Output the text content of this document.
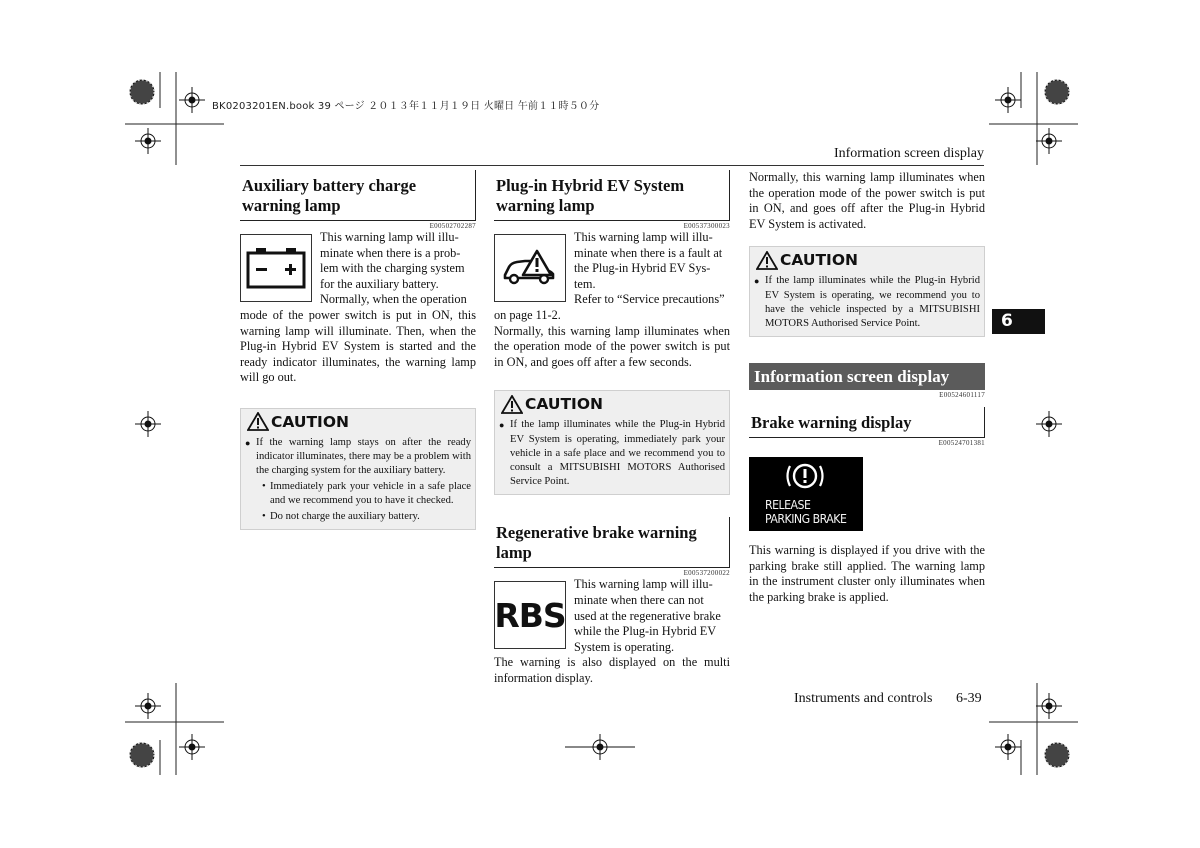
BK0203201EN.book 39 ページ ２０１３年１１月１９日 火曜日 午前１１時５０分
Information screen display
6
Auxiliary battery charge warning lamp
E00502702287
This warning lamp will illu-
minate when there is a prob-
lem with the charging system
for the auxiliary battery.
Normally, when the operation
mode of the power switch is put in ON, this warning lamp will illuminate. Then, when the Plug-in Hybrid EV System is started and the ready indicator illuminates, the warning lamp will go out.
CAUTION
● If the warning lamp stays on after the ready indicator illuminates, there may be a problem with the charging system for the auxiliary battery.
• Immediately park your vehicle in a safe place and we recommend you to have it checked.
• Do not charge the auxiliary battery.
Plug-in Hybrid EV System warning lamp
E00537300023
This warning lamp will illu-
minate when there is a fault at
the Plug-in Hybrid EV Sys-
tem.
Refer to “Service precautions”
on page 11-2.
Normally, this warning lamp illuminates when the operation mode of the power switch is put in ON, and goes off after a few seconds.
CAUTION
● If the lamp illuminates while the Plug-in Hybrid EV System is operating, immediately park your vehicle in a safe place and we recommend you to consult a MITSUBISHI MOTORS Authorised Service Point.
Regenerative brake warning lamp
E00537200022
RBS
This warning lamp will illu-
minate when there can not
used at the regenerative brake
while the Plug-in Hybrid EV
System is operating.
The warning is also displayed on the multi information display.
Normally, this warning lamp illuminates when the operation mode of the power switch is put in ON, and goes off after the Plug-in Hybrid EV System is activated.
CAUTION
● If the lamp illuminates while the Plug-in Hybrid EV System is operating, we recommend you to have the vehicle inspected by a MITSUBISHI MOTORS Authorised Service Point.
Information screen display
E00524601117
Brake warning display
E00524701381
RELEASE
PARKING BRAKE
This warning is displayed if you drive with the parking brake still applied. The warning lamp in the instrument cluster only illuminates when the parking brake is applied.
Instruments and controls 6-39
